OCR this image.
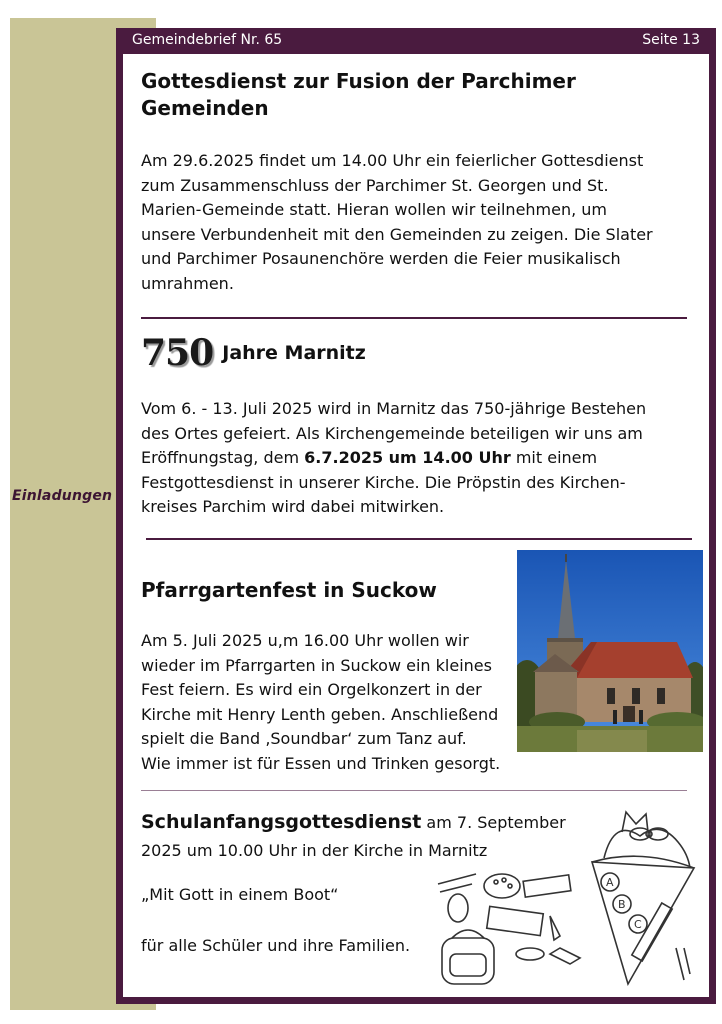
Einladungen
Gemeindebrief Nr. 65	Seite 13
Gottesdienst zur Fusion der Parchimer
Gemeinden

Am 29.6.2025 findet um 14.00 Uhr ein feierlicher Gottesdienst
zum Zusammenschluss der Parchimer St. Georgen und St.
Marien-Gemeinde statt. Hieran wollen wir teilnehmen, um
unsere Verbundenheit mit den Gemeinden zu zeigen. Die Slater
und Parchimer Posaunenchöre werden die Feier musikalisch
umrahmen.

750 Jahre Marnitz

Vom 6. - 13. Juli 2025 wird in Marnitz das 750-jährige Bestehen
des Ortes gefeiert. Als Kirchengemeinde beteiligen wir uns am
Eröffnungstag, dem 6.7.2025 um 14.00 Uhr mit einem
Festgottesdienst in unserer Kirche. Die Pröpstin des Kirchen-
kreises Parchim wird dabei mitwirken.

Pfarrgartenfest in Suckow

Am 5. Juli 2025 u,m 16.00 Uhr wollen wir
wieder im Pfarrgarten in Suckow ein kleines
Fest feiern. Es wird ein Orgelkonzert in der
Kirche mit Henry Lenth geben. Anschließend
spielt die Band ‚Soundbar‘ zum Tanz auf.
Wie immer ist für Essen und Trinken gesorgt.

Schulanfangsgottesdienst am 7. September
2025 um 10.00 Uhr in der Kirche in Marnitz

„Mit Gott in einem Boot“

für alle Schüler und ihre Familien.

A
B
C
